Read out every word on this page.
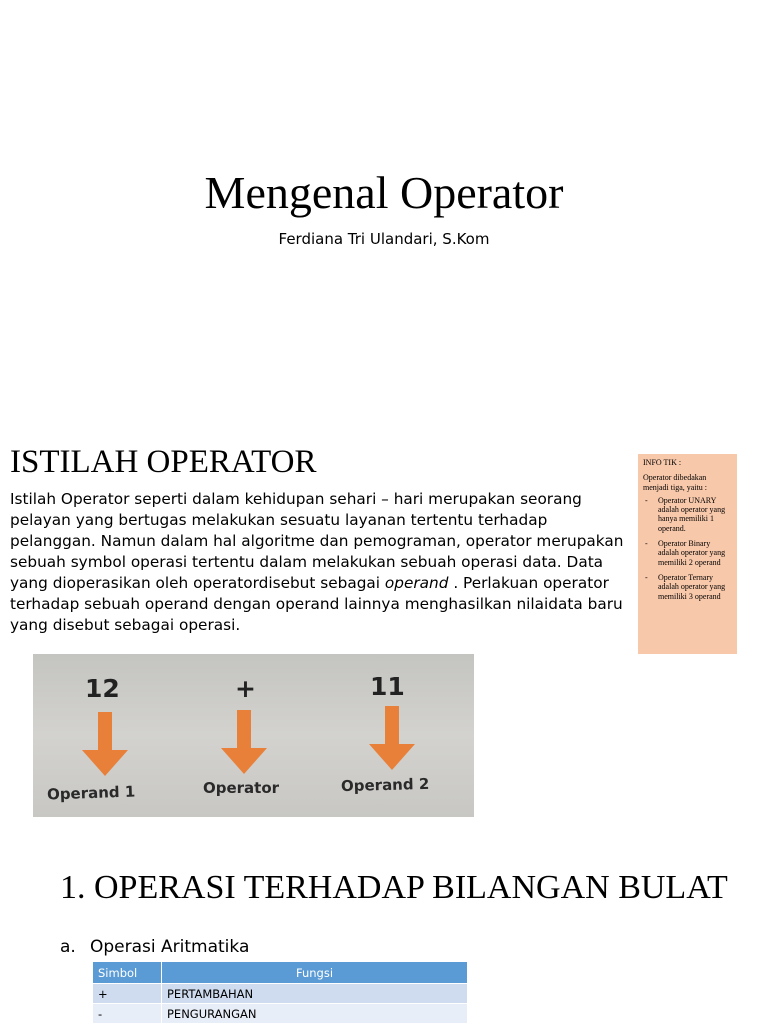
Mengenal Operator
Ferdiana Tri Ulandari, S.Kom
ISTILAH OPERATOR
Istilah Operator seperti dalam kehidupan sehari – hari merupakan seorang pelayan yang bertugas melakukan sesuatu layanan tertentu terhadap pelanggan. Namun dalam hal algoritme dan pemograman, operator merupakan sebuah symbol operasi tertentu dalam melakukan sebuah operasi data. Data yang dioperasikan oleh operatordisebut sebagai operand . Perlakuan operator terhadap sebuah operand dengan operand lainnya menghasilkan nilaidata baru yang disebut sebagai operasi.
INFO TIK :
Operator dibedakan menjadi tiga, yaitu :
- Operator UNARY adalah operator yang hanya memiliki 1 operand.
- Operator Binary adalah operator yang memiliki 2 operand
- Operator Ternary adalah operator yang memiliki 3 operand
12	+	11
Operand 1	Operator	Operand 2
1. OPERASI TERHADAP BILANGAN BULAT
a. Operasi Aritmatika
Simbol	Fungsi
+	PERTAMBAHAN
-	PENGURANGAN
